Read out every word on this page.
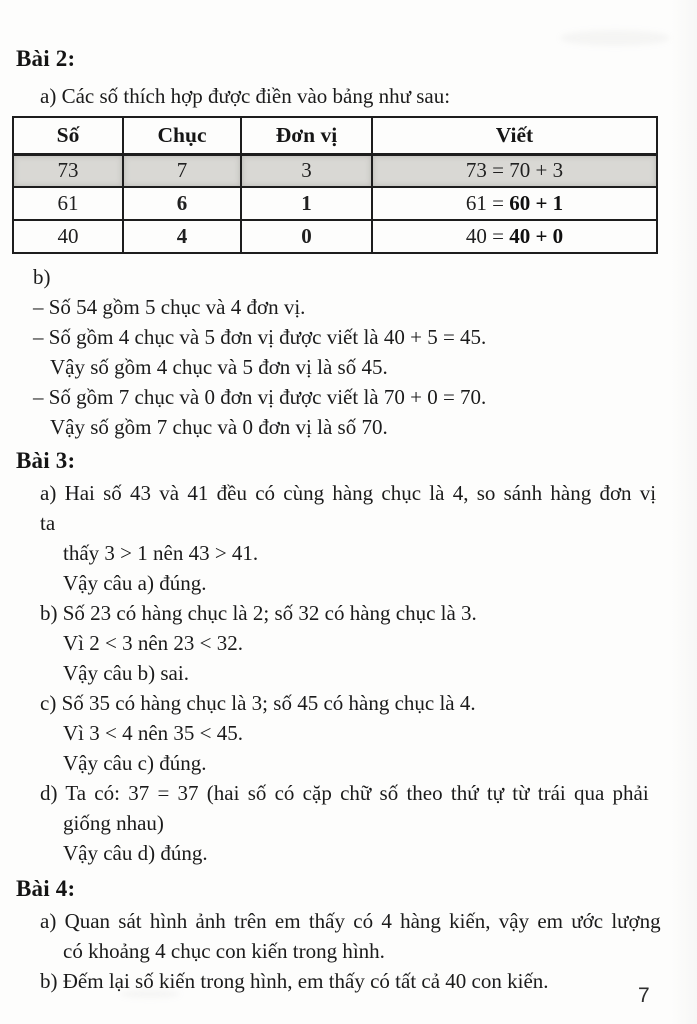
Bài 2:

a) Các số thích hợp được điền vào bảng như sau:

Số	Chục	Đơn vị	Viết
73	7	3	73 = 70 + 3
61	6	1	61 = 60 + 1
40	4	0	40 = 40 + 0

b)

– Số 54 gồm 5 chục và 4 đơn vị.

– Số gồm 4 chục và 5 đơn vị được viết là 40 + 5 = 45.

Vậy số gồm 4 chục và 5 đơn vị là số 45.

– Số gồm 7 chục và 0 đơn vị được viết là 70 + 0 = 70.

Vậy số gồm 7 chục và 0 đơn vị là số 70.

Bài 3:

a) Hai số 43 và 41 đều có cùng hàng chục là 4, so sánh hàng đơn vị ta

thấy 3 > 1 nên 43 > 41.

Vậy câu a) đúng.

b) Số 23 có hàng chục là 2; số 32 có hàng chục là 3.

Vì 2 < 3 nên 23 < 32.

Vậy câu b) sai.

c) Số 35 có hàng chục là 3; số 45 có hàng chục là 4.

Vì 3 < 4 nên 35 < 45.

Vậy câu c) đúng.

d) Ta có: 37 = 37 (hai số có cặp chữ số theo thứ tự từ trái qua phải

giống nhau)

Vậy câu d) đúng.

Bài 4:

a) Quan sát hình ảnh trên em thấy có 4 hàng kiến, vậy em ước lượng

có khoảng 4 chục con kiến trong hình.

b) Đếm lại số kiến trong hình, em thấy có tất cả 40 con kiến.

7
